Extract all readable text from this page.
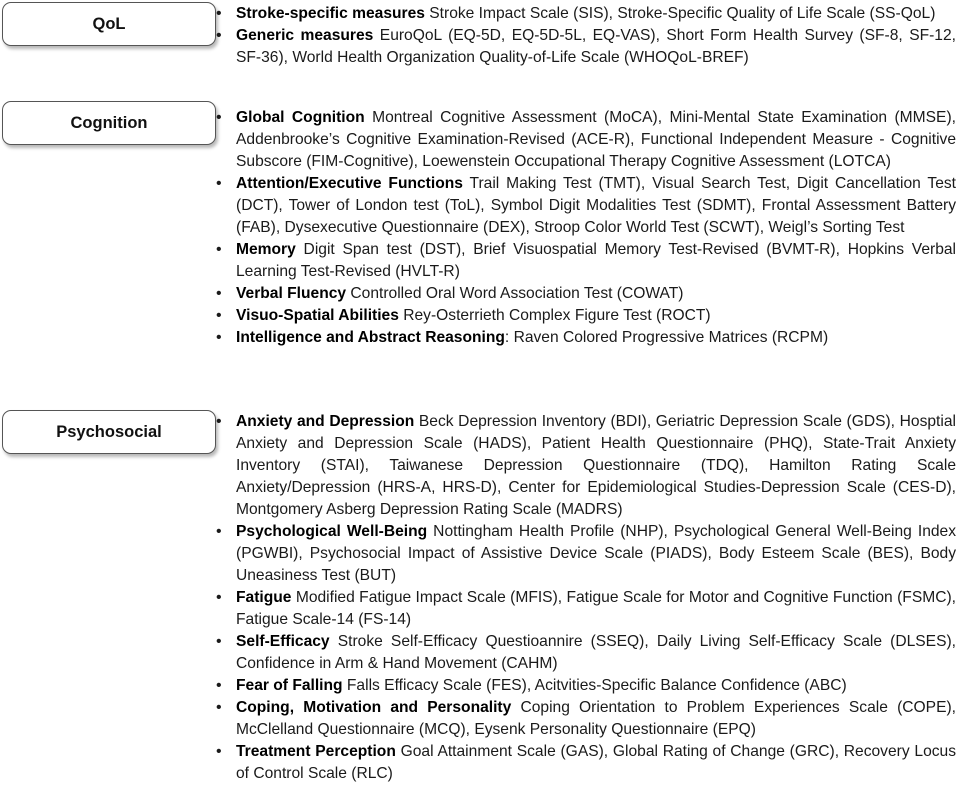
QoL
• Stroke-specific measures Stroke Impact Scale (SIS), Stroke-Specific Quality of Life Scale (SS-QoL)
• Generic measures EuroQoL (EQ-5D, EQ-5D-5L, EQ-VAS), Short Form Health Survey (SF-8, SF-12, SF-36), World Health Organization Quality-of-Life Scale (WHOQoL-BREF)
Cognition
•	Global Cognition Montreal Cognitive Assessment (MoCA), Mini-Mental State Examination (MMSE), Addenbrooke’s Cognitive Examination-Revised (ACE-R), Functional Independent Measure - Cognitive Subscore (FIM-Cognitive), Loewenstein Occupational Therapy Cognitive Assessment (LOTCA)
• Attention/Executive Functions Trail Making Test (TMT), Visual Search Test, Digit Cancellation Test (DCT), Tower of London test (ToL), Symbol Digit Modalities Test (SDMT), Frontal Assessment Battery (FAB), Dysexecutive Questionnaire (DEX), Stroop Color World Test (SCWT), Weigl’s Sorting Test
• Memory Digit Span test (DST), Brief Visuospatial Memory Test-Revised (BVMT-R), Hopkins Verbal Learning Test-Revised (HVLT-R)
• Verbal Fluency Controlled Oral Word Association Test (COWAT)
• Visuo-Spatial Abilities Rey-Osterrieth Complex Figure Test (ROCT)
• Intelligence and Abstract Reasoning: Raven Colored Progressive Matrices (RCPM)
Psychosocial
• Anxiety and Depression Beck Depression Inventory (BDI), Geriatric Depression Scale (GDS), Hosptial Anxiety and Depression Scale (HADS), Patient Health Questionnaire (PHQ), State-Trait Anxiety Inventory (STAI), Taiwanese Depression Questionnaire (TDQ), Hamilton Rating Scale Anxiety/Depression (HRS-A, HRS-D), Center for Epidemiological Studies-Depression Scale (CES-D), Montgomery Asberg Depression Rating Scale (MADRS)
• Psychological Well-Being Nottingham Health Profile (NHP), Psychological General Well-Being Index (PGWBI), Psychosocial Impact of Assistive Device Scale (PIADS), Body Esteem Scale (BES), Body Uneasiness Test (BUT)
• Fatigue Modified Fatigue Impact Scale (MFIS), Fatigue Scale for Motor and Cognitive Function (FSMC), Fatigue Scale-14 (FS-14)
• Self-Efficacy Stroke Self-Efficacy Questioannire (SSEQ), Daily Living Self-Efficacy Scale (DLSES), Confidence in Arm & Hand Movement (CAHM)
• Fear of Falling Falls Efficacy Scale (FES), Acitvities-Specific Balance Confidence (ABC)
• Coping, Motivation and Personality Coping Orientation to Problem Experiences Scale (COPE), McClelland Questionnaire (MCQ), Eysenk Personality Questionnaire (EPQ)
• Treatment Perception Goal Attainment Scale (GAS), Global Rating of Change (GRC), Recovery Locus of Control Scale (RLC)
